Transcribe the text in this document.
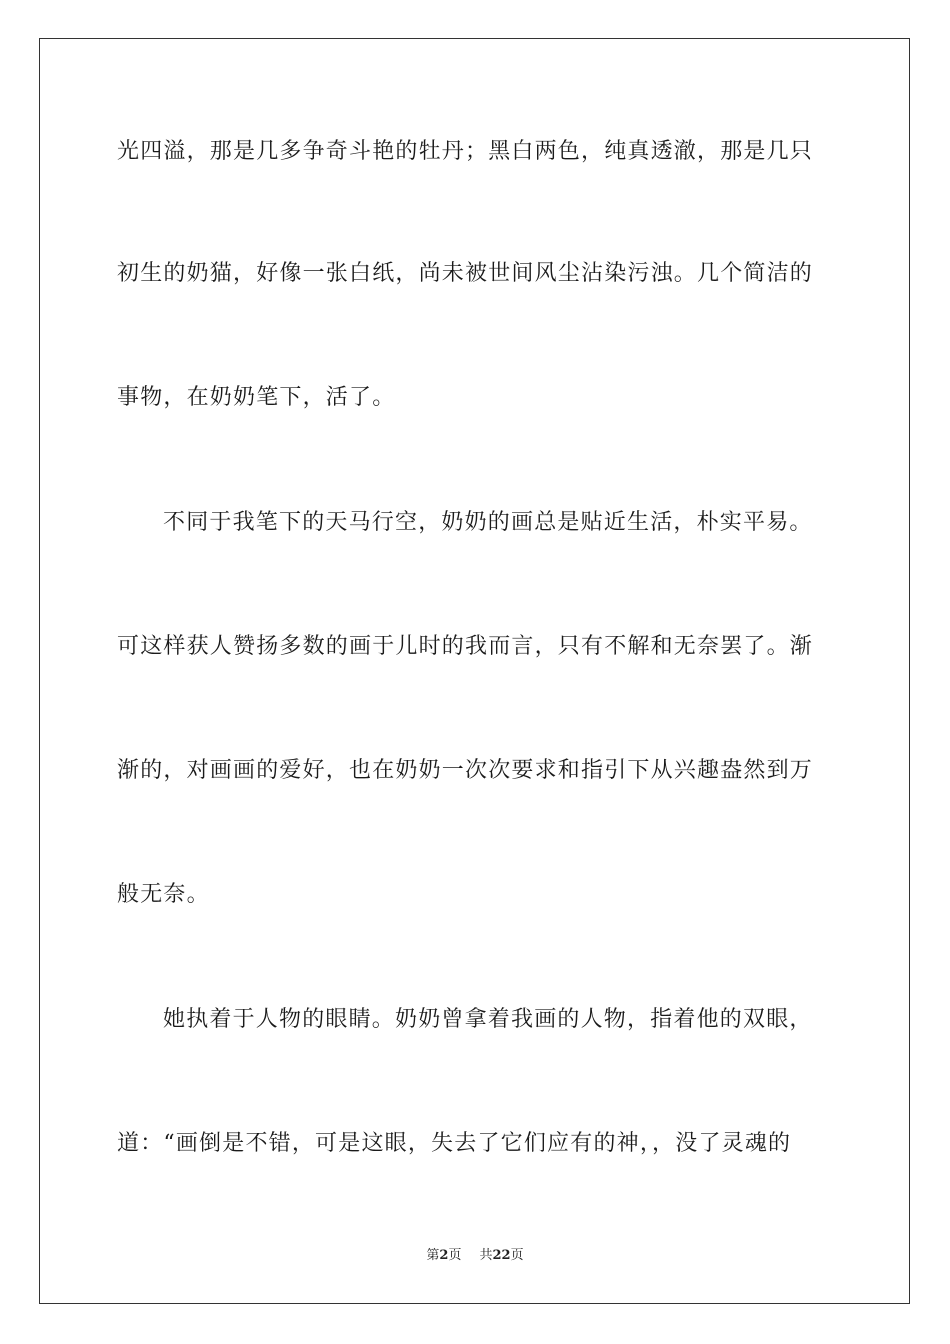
光四溢，那是几多争奇斗艳的牡丹；黑白两色，纯真透澈，那是几只
初生的奶猫，好像一张白纸，尚未被世间风尘沾染污浊。几个简洁的
事物，在奶奶笔下，活了。
不同于我笔下的天马行空，奶奶的画总是贴近生活，朴实平易。
可这样获人赞扬多数的画于儿时的我而言，只有不解和无奈罢了。渐
渐的，对画画的爱好，也在奶奶一次次要求和指引下从兴趣盎然到万
般无奈。
她执着于人物的眼睛。奶奶曾拿着我画的人物，指着他的双眼，
道：“画倒是不错，可是这眼，失去了它们应有的神，，没了灵魂的
第2页 共22页
